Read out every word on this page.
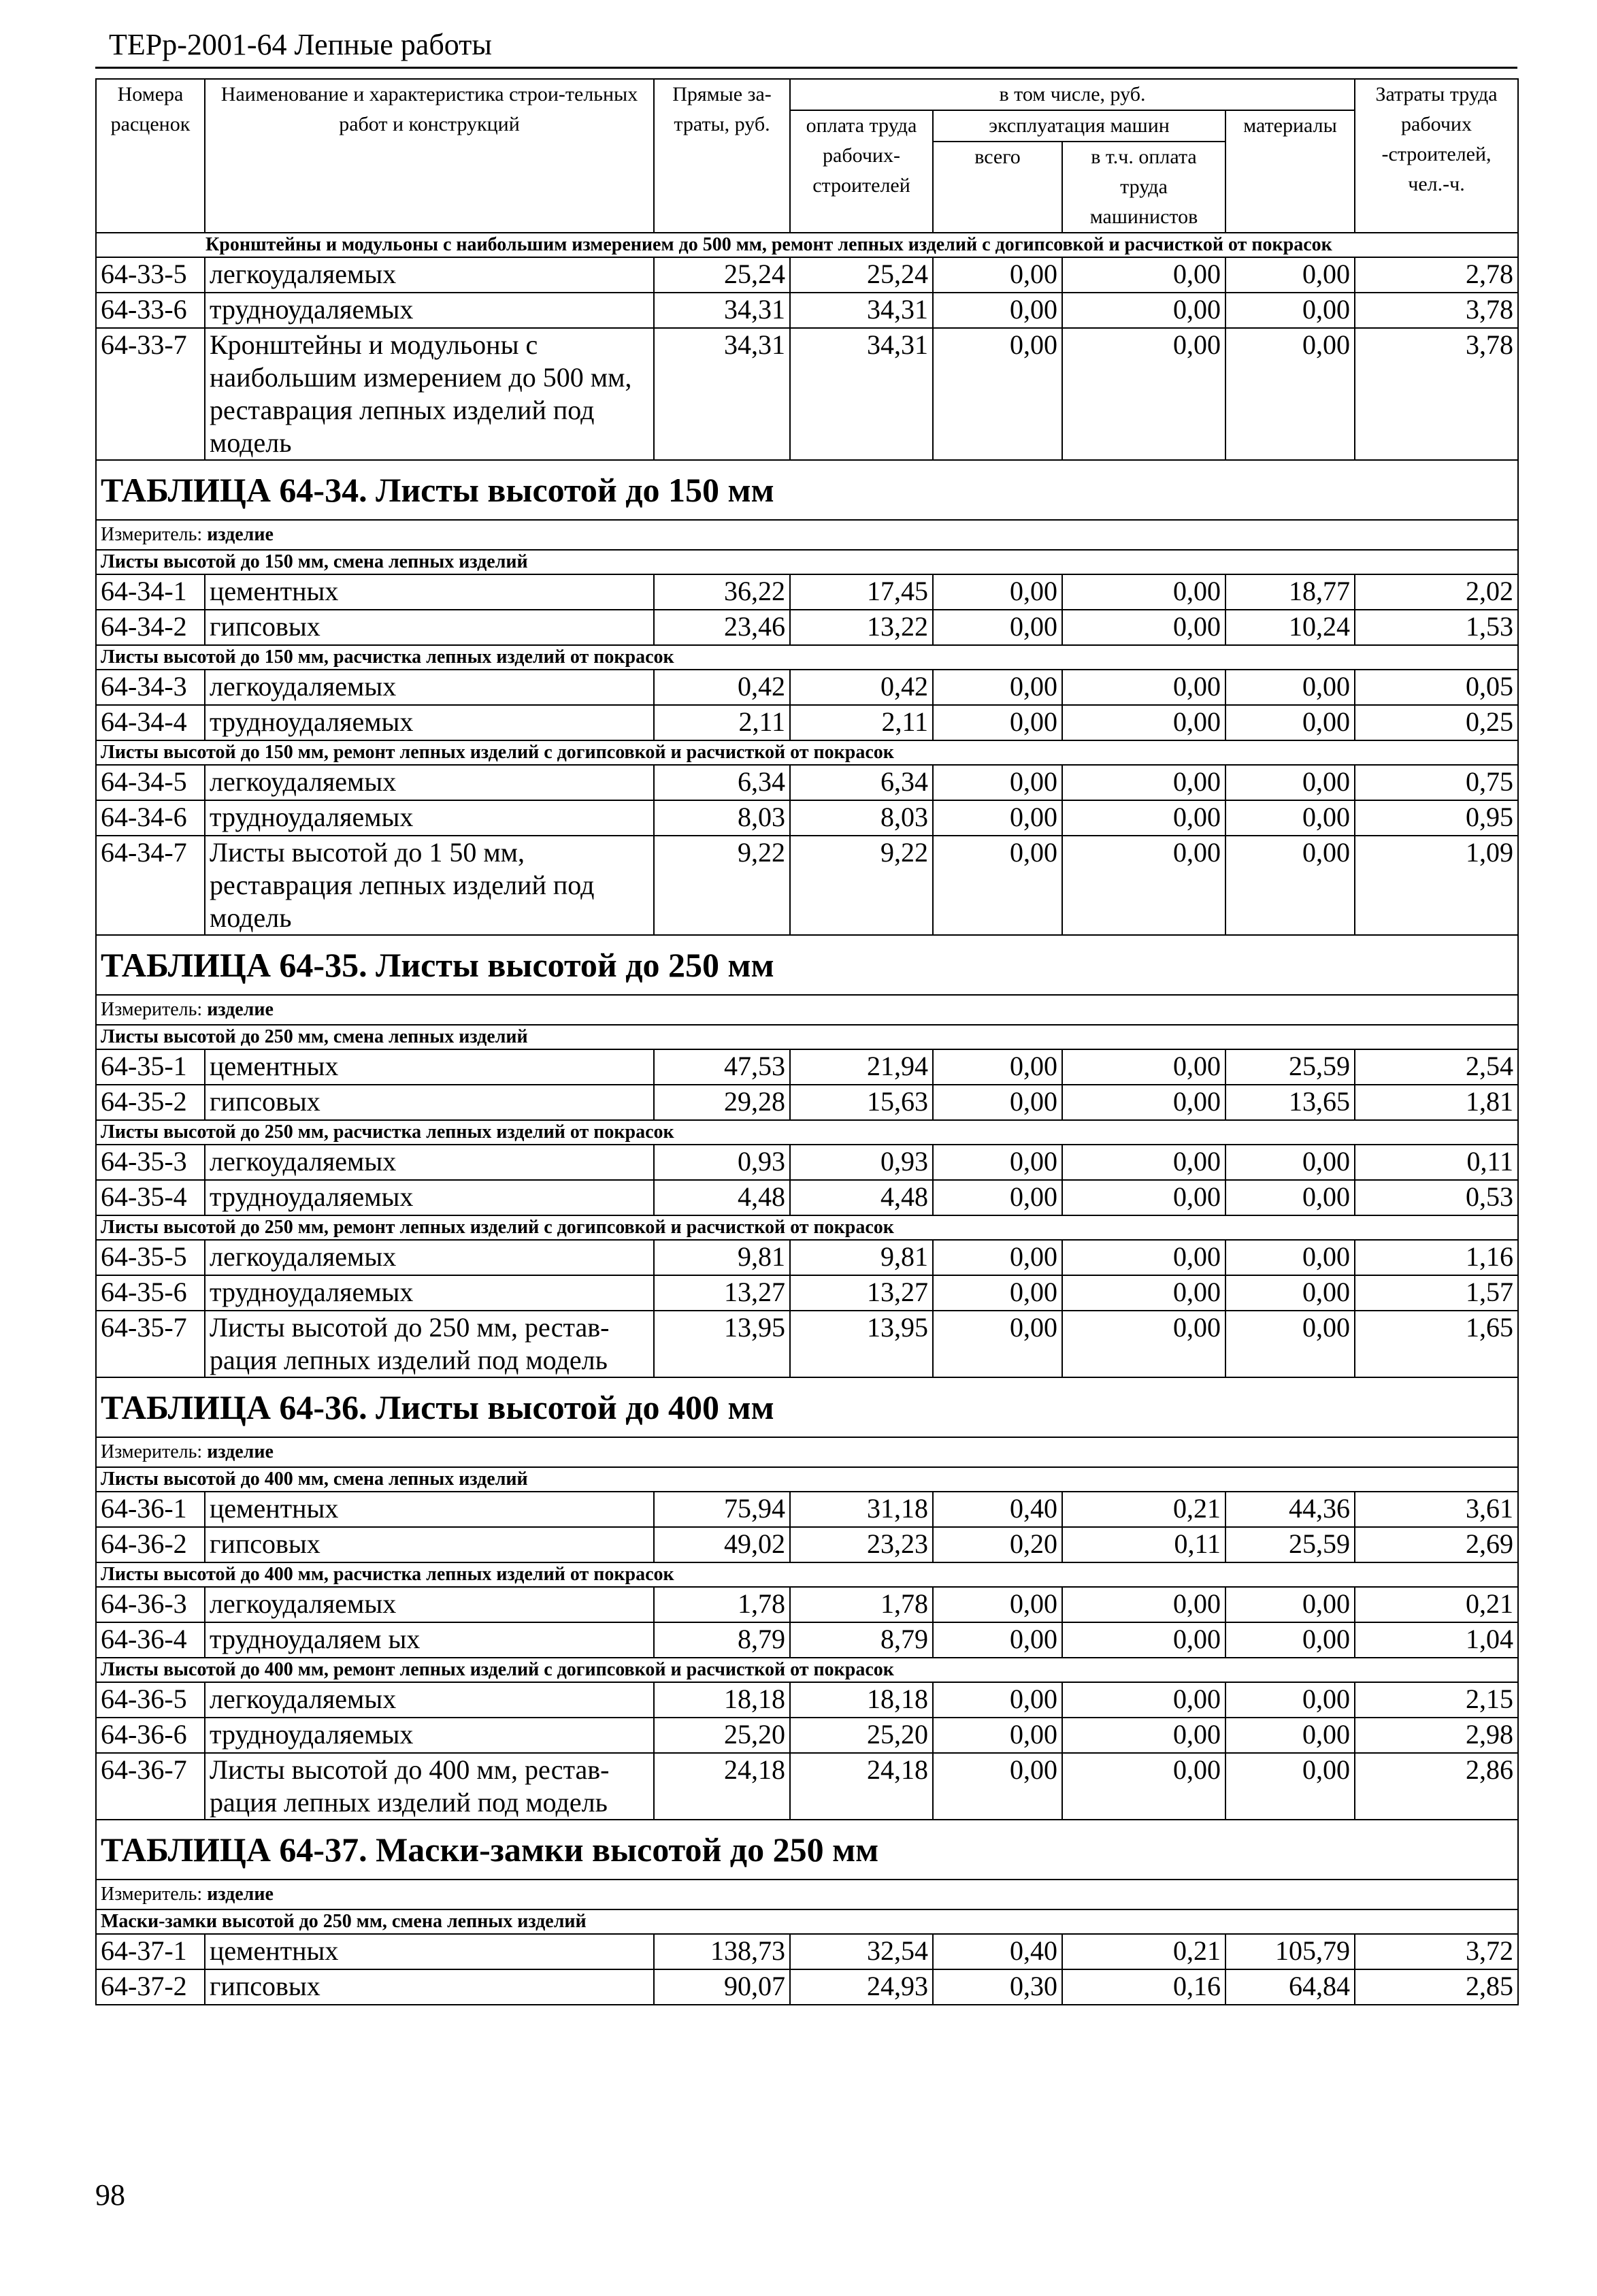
ТЕРр-2001-64 Лепные работы
Номера расценок	Наименование и характеристика строи-тельных работ и конструкций	Прямые за-траты, руб.	в том числе, руб.				Затраты труда рабочих -строителей, чел.-ч.
			оплата труда рабочих-строителей	эксплуатация машин		материалы	
				всего	в т.ч. оплата труда машинистов		
Кронштейны и модульоны с наибольшим измерением до 500 мм, ремонт лепных изделий с догипсовкой и расчисткой от покрасок							
64-33-5	легкоудаляемых	25,24	25,24	0,00	0,00	0,00	2,78
64-33-6	трудноудаляемых	34,31	34,31	0,00	0,00	0,00	3,78
64-33-7	Кронштейны и модульоны с наибольшим измерением до 500 мм, реставрация лепных изделий под модель	34,31	34,31	0,00	0,00	0,00	3,78
ТАБЛИЦА 64-34. Листы высотой до 150 мм							
Измеритель: изделие							
Листы высотой до 150 мм, смена лепных изделий							
64-34-1	цементных	36,22	17,45	0,00	0,00	18,77	2,02
64-34-2	гипсовых	23,46	13,22	0,00	0,00	10,24	1,53
Листы высотой до 150 мм, расчистка лепных изделий от покрасок							
64-34-3	легкоудаляемых	0,42	0,42	0,00	0,00	0,00	0,05
64-34-4	трудноудаляемых	2,11	2,11	0,00	0,00	0,00	0,25
Листы высотой до 150 мм, ремонт лепных изделий с догипсовкой и расчисткой от покрасок							
64-34-5	легкоудаляемых	6,34	6,34	0,00	0,00	0,00	0,75
64-34-6	трудноудаляемых	8,03	8,03	0,00	0,00	0,00	0,95
64-34-7	Листы высотой до 1 50 мм, реставрация лепных изделий под модель	9,22	9,22	0,00	0,00	0,00	1,09
ТАБЛИЦА 64-35. Листы высотой до 250 мм							
Измеритель: изделие							
Листы высотой до 250 мм, смена лепных изделий							
64-35-1	цементных	47,53	21,94	0,00	0,00	25,59	2,54
64-35-2	гипсовых	29,28	15,63	0,00	0,00	13,65	1,81
Листы высотой до 250 мм, расчистка лепных изделий от покрасок							
64-35-3	легкоудаляемых	0,93	0,93	0,00	0,00	0,00	0,11
64-35-4	трудноудаляемых	4,48	4,48	0,00	0,00	0,00	0,53
Листы высотой до 250 мм, ремонт лепных изделий с догипсовкой и расчисткой от покрасок							
64-35-5	легкоудаляемых	9,81	9,81	0,00	0,00	0,00	1,16
64-35-6	трудноудаляемых	13,27	13,27	0,00	0,00	0,00	1,57
64-35-7	Листы высотой до 250 мм, рестав-рация лепных изделий под модель	13,95	13,95	0,00	0,00	0,00	1,65
ТАБЛИЦА 64-36. Листы высотой до 400 мм							
Измеритель: изделие							
Листы высотой до 400 мм, смена лепных изделий							
64-36-1	цементных	75,94	31,18	0,40	0,21	44,36	3,61
64-36-2	гипсовых	49,02	23,23	0,20	0,11	25,59	2,69
Листы высотой до 400 мм, расчистка лепных изделий от покрасок							
64-36-3	легкоудаляемых	1,78	1,78	0,00	0,00	0,00	0,21
64-36-4	трудноудаляем ых	8,79	8,79	0,00	0,00	0,00	1,04
Листы высотой до 400 мм, ремонт лепных изделий с догипсовкой и расчисткой от покрасок							
64-36-5	легкоудаляемых	18,18	18,18	0,00	0,00	0,00	2,15
64-36-6	трудноудаляемых	25,20	25,20	0,00	0,00	0,00	2,98
64-36-7	Листы высотой до 400 мм, рестав-рация лепных изделий под модель	24,18	24,18	0,00	0,00	0,00	2,86
ТАБЛИЦА 64-37. Маски-замки высотой до 250 мм							
Измеритель: изделие							
Маски-замки высотой до 250 мм, смена лепных изделий							
64-37-1	цементных	138,73	32,54	0,40	0,21	105,79	3,72
64-37-2	гипсовых	90,07	24,93	0,30	0,16	64,84	2,85
98
